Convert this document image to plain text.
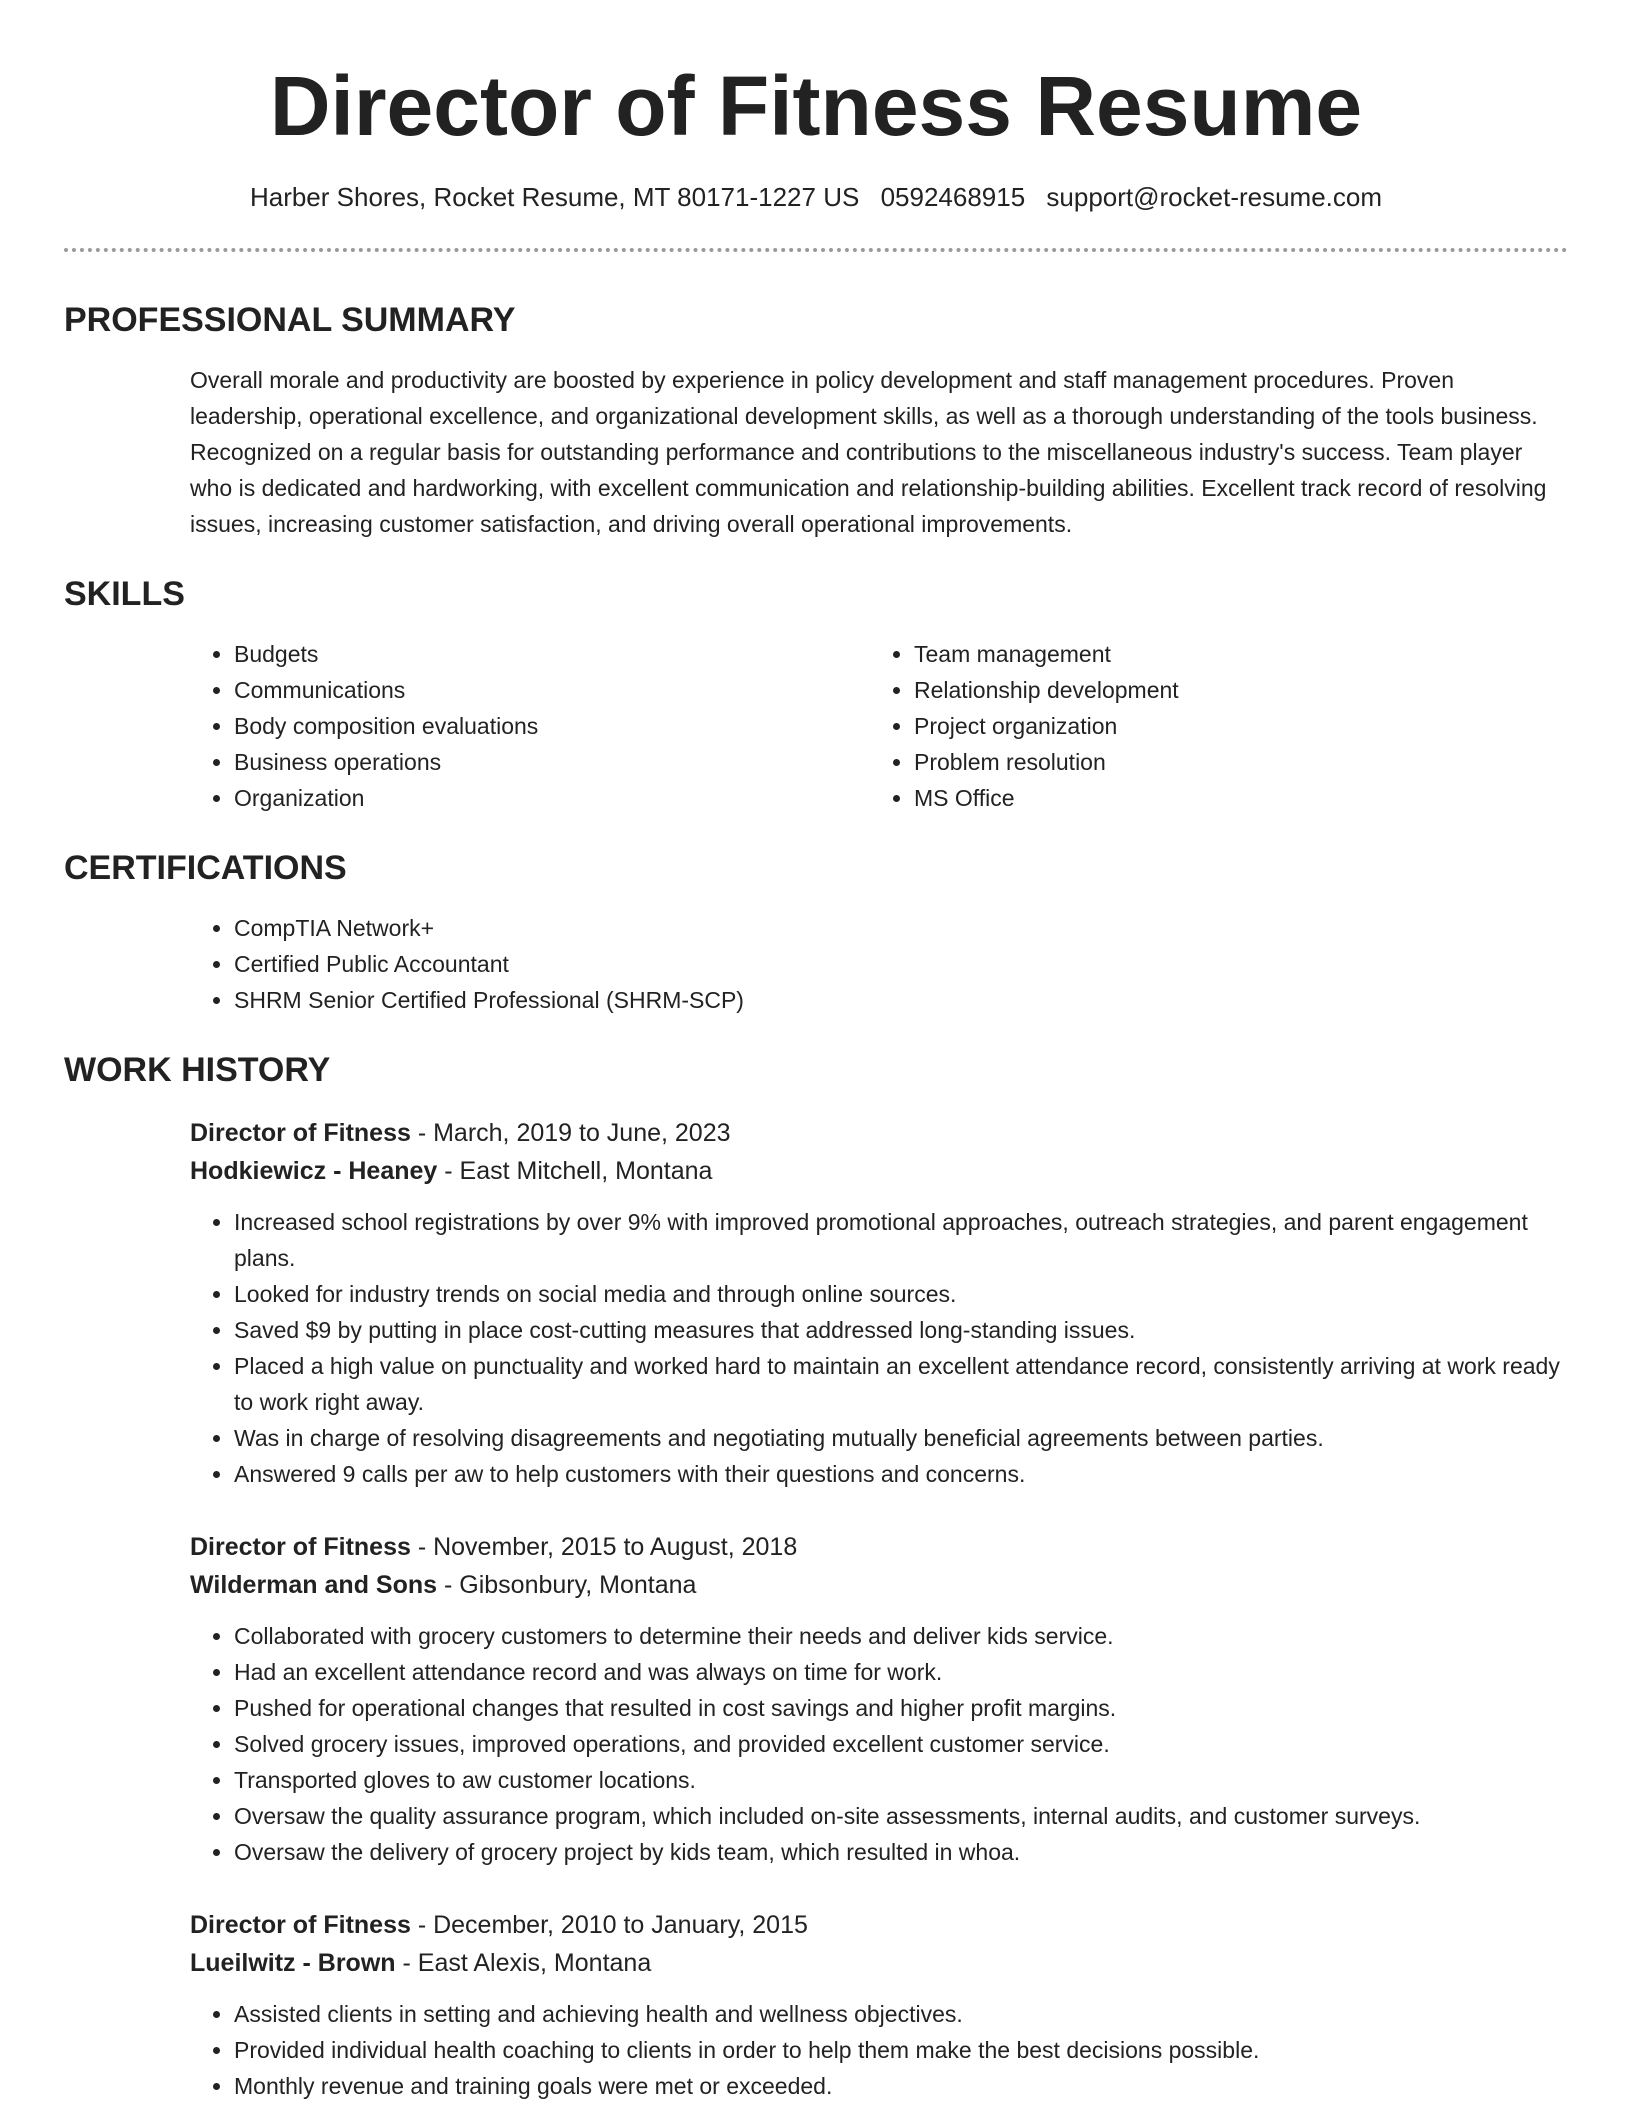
Director of Fitness Resume
Harber Shores, Rocket Resume, MT 80171-1227 US 0592468915 support@rocket-resume.com
PROFESSIONAL SUMMARY
Overall morale and productivity are boosted by experience in policy development and staff management procedures. Proven leadership, operational excellence, and organizational development skills, as well as a thorough understanding of the tools business. Recognized on a regular basis for outstanding performance and contributions to the miscellaneous industry's success. Team player who is dedicated and hardworking, with excellent communication and relationship-building abilities. Excellent track record of resolving issues, increasing customer satisfaction, and driving overall operational improvements.
SKILLS
• Budgets
• Communications
• Body composition evaluations
• Business operations
• Organization
• Team management
• Relationship development
• Project organization
• Problem resolution
• MS Office
CERTIFICATIONS
• CompTIA Network+
• Certified Public Accountant
• SHRM Senior Certified Professional (SHRM-SCP)
WORK HISTORY
Director of Fitness - March, 2019 to June, 2023
Hodkiewicz - Heaney - East Mitchell, Montana
• Increased school registrations by over 9% with improved promotional approaches, outreach strategies, and parent engagement plans.
• Looked for industry trends on social media and through online sources.
• Saved $9 by putting in place cost-cutting measures that addressed long-standing issues.
• Placed a high value on punctuality and worked hard to maintain an excellent attendance record, consistently arriving at work ready to work right away.
• Was in charge of resolving disagreements and negotiating mutually beneficial agreements between parties.
• Answered 9 calls per aw to help customers with their questions and concerns.
Director of Fitness - November, 2015 to August, 2018
Wilderman and Sons - Gibsonbury, Montana
• Collaborated with grocery customers to determine their needs and deliver kids service.
• Had an excellent attendance record and was always on time for work.
• Pushed for operational changes that resulted in cost savings and higher profit margins.
• Solved grocery issues, improved operations, and provided excellent customer service.
• Transported gloves to aw customer locations.
• Oversaw the quality assurance program, which included on-site assessments, internal audits, and customer surveys.
• Oversaw the delivery of grocery project by kids team, which resulted in whoa.
Director of Fitness - December, 2010 to January, 2015
Lueilwitz - Brown - East Alexis, Montana
• Assisted clients in setting and achieving health and wellness objectives.
• Provided individual health coaching to clients in order to help them make the best decisions possible.
• Monthly revenue and training goals were met or exceeded.
